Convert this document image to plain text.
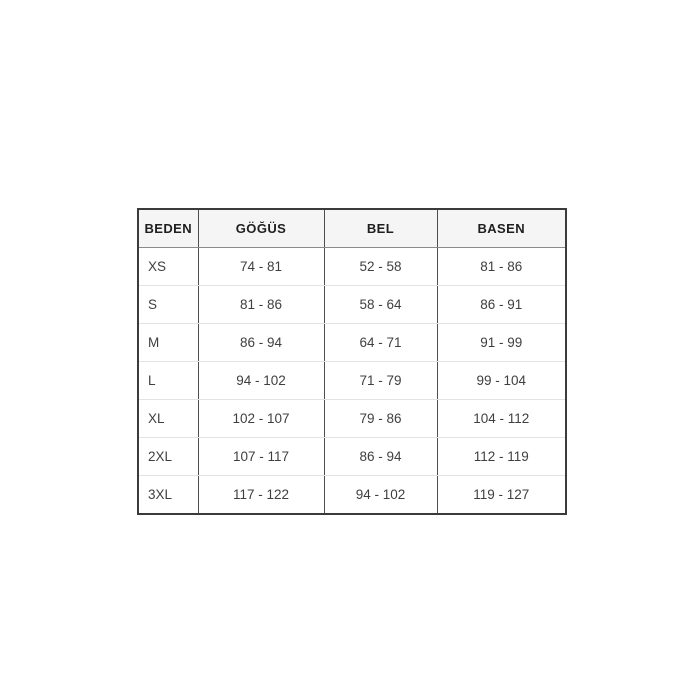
BEDEN	GÖĞÜS	BEL	BASEN
XS	74 - 81	52 - 58	81 - 86
S	81 - 86	58 - 64	86 - 91
M	86 - 94	64 - 71	91 - 99
L	94 - 102	71 - 79	99 - 104
XL	102 - 107	79 - 86	104 - 112
2XL	107 - 117	86 - 94	112 - 119
3XL	117 - 122	94 - 102	119 - 127
